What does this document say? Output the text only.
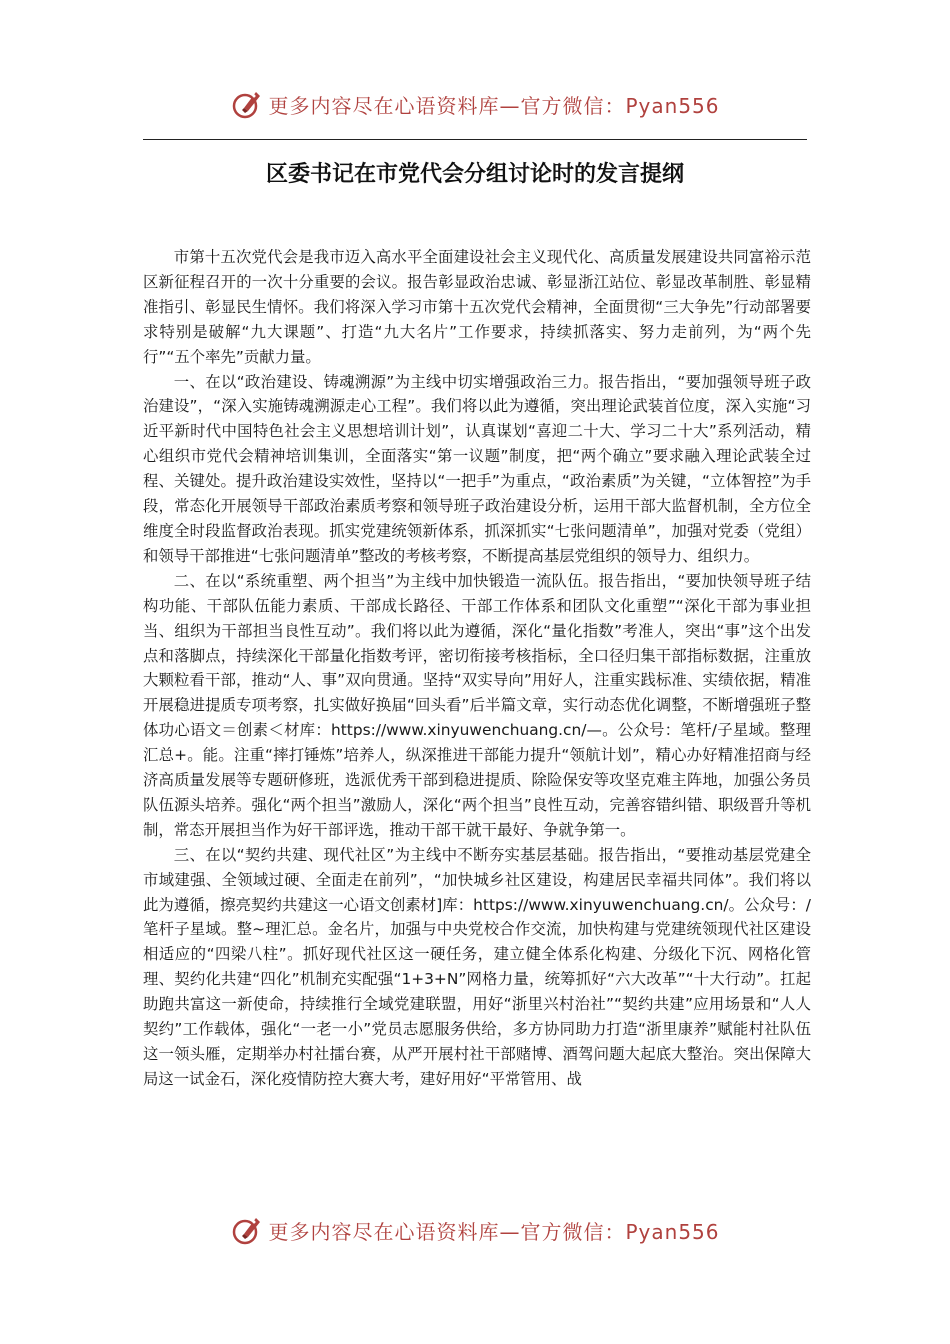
更多内容尽在心语资料库—官方微信：Pyan556
区委书记在市党代会分组讨论时的发言提纲

市第十五次党代会是我市迈入高水平全面建设社会主义现代化、高质量发展建设共同富裕示范区新征程召开的一次十分重要的会议。报告彰显政治忠诚、彰显浙江站位、彰显改革制胜、彰显精准指引、彰显民生情怀。我们将深入学习市第十五次党代会精神，全面贯彻“三大争先”行动部署要求特别是破解“九大课题”、打造“九大名片”工作要求，持续抓落实、努力走前列，为“两个先行”“五个率先”贡献力量。

一、在以“政治建设、铸魂溯源”为主线中切实增强政治三力。报告指出，“要加强领导班子政治建设”，“深入实施铸魂溯源走心工程”。我们将以此为遵循，突出理论武装首位度，深入实施“习近平新时代中国特色社会主义思想培训计划”，认真谋划“喜迎二十大、学习二十大”系列活动，精心组织市党代会精神培训集训，全面落实“第一议题”制度，把“两个确立”要求融入理论武装全过程、关键处。提升政治建设实效性，坚持以“一把手”为重点，“政治素质”为关键，“立体智控”为手段，常态化开展领导干部政治素质考察和领导班子政治建设分析，运用干部大监督机制，全方位全维度全时段监督政治表现。抓实党建统领新体系，抓深抓实“七张问题清单”，加强对党委（党组）和领导干部推进“七张问题清单”整改的考核考察，不断提高基层党组织的领导力、组织力。

二、在以“系统重塑、两个担当”为主线中加快锻造一流队伍。报告指出，“要加快领导班子结构功能、干部队伍能力素质、干部成长路径、干部工作体系和团队文化重塑”“深化干部为事业担当、组织为干部担当良性互动”。我们将以此为遵循，深化“量化指数”考准人，突出“事”这个出发点和落脚点，持续深化干部量化指数考评，密切衔接考核指标，全口径归集干部指标数据，注重放大颗粒看干部，推动“人、事”双向贯通。坚持“双实导向”用好人，注重实践标准、实绩依据，精准开展稳进提质专项考察，扎实做好换届“回头看”后半篇文章，实行动态优化调整，不断增强班子整体功心语文＝创素＜材库：https://www.xinyuwenchuang.cn/—。公众号：笔杆/子星域。整理汇总+。能。注重“摔打锤炼”培养人，纵深推进干部能力提升“领航计划”，精心办好精准招商与经济高质量发展等专题研修班，选派优秀干部到稳进提质、除险保安等攻坚克难主阵地，加强公务员队伍源头培养。强化“两个担当”激励人，深化“两个担当”良性互动，完善容错纠错、职级晋升等机制，常态开展担当作为好干部评选，推动干部干就干最好、争就争第一。

三、在以“契约共建、现代社区”为主线中不断夯实基层基础。报告指出，“要推动基层党建全市域建强、全领域过硬、全面走在前列”，“加快城乡社区建设，构建居民幸福共同体”。我们将以此为遵循，擦亮契约共建这一心语文创素材]库：https://www.xinyuwenchuang.cn/。公众号：/笔杆子星域。整~理汇总。金名片，加强与中央党校合作交流，加快构建与党建统领现代社区建设相适应的“四梁八柱”。抓好现代社区这一硬任务，建立健全体系化构建、分级化下沉、网格化管理、契约化共建“四化”机制充实配强“1+3+N”网格力量，统筹抓好“六大改革”“十大行动”。扛起助跑共富这一新使命，持续推行全域党建联盟，用好“浙里兴村治社”“契约共建”应用场景和“人人契约”工作载体，强化“一老一小”党员志愿服务供给，多方协同助力打造“浙里康养”赋能村社队伍这一领头雁，定期举办村社擂台赛，从严开展村社干部赌博、酒驾问题大起底大整治。突出保障大局这一试金石，深化疫情防控大赛大考，建好用好“平常管用、战

更多内容尽在心语资料库—官方微信：Pyan556
